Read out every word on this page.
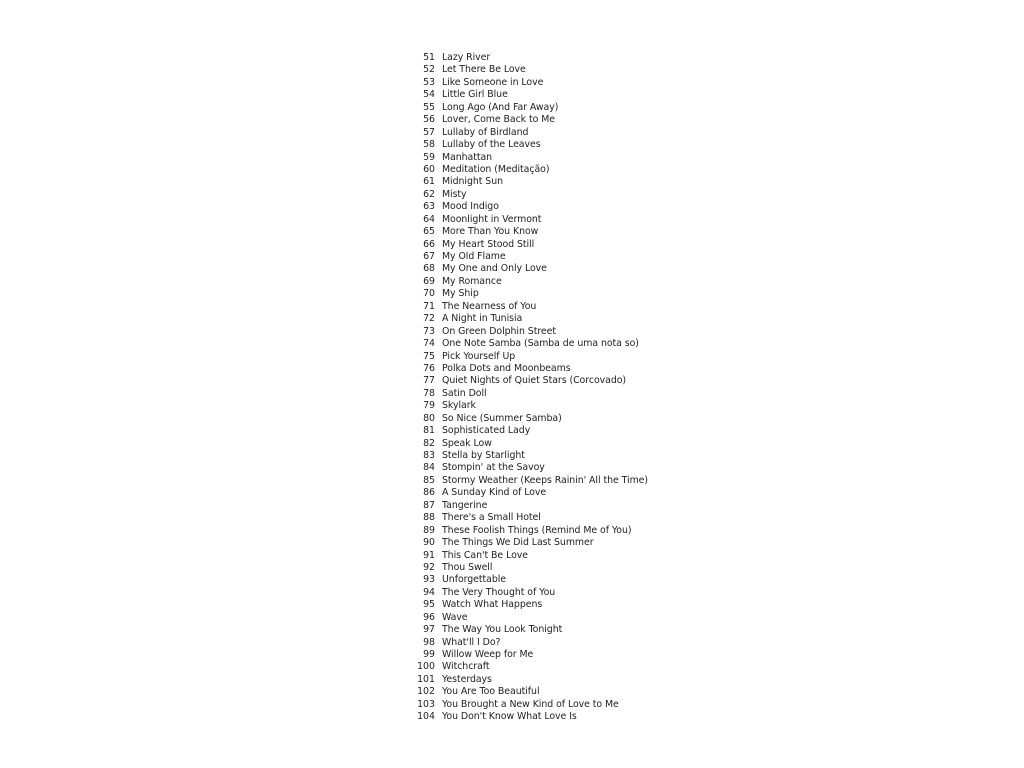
51 Lazy River
52 Let There Be Love
53 Like Someone in Love
54 Little Girl Blue
55 Long Ago (And Far Away)
56 Lover, Come Back to Me
57 Lullaby of Birdland
58 Lullaby of the Leaves
59 Manhattan
60 Meditation (Meditação)
61 Midnight Sun
62 Misty
63 Mood Indigo
64 Moonlight in Vermont
65 More Than You Know
66 My Heart Stood Still
67 My Old Flame
68 My One and Only Love
69 My Romance
70 My Ship
71 The Nearness of You
72 A Night in Tunisia
73 On Green Dolphin Street
74 One Note Samba (Samba de uma nota so)
75 Pick Yourself Up
76 Polka Dots and Moonbeams
77 Quiet Nights of Quiet Stars (Corcovado)
78 Satin Doll
79 Skylark
80 So Nice (Summer Samba)
81 Sophisticated Lady
82 Speak Low
83 Stella by Starlight
84 Stompin' at the Savoy
85 Stormy Weather (Keeps Rainin' All the Time)
86 A Sunday Kind of Love
87 Tangerine
88 There's a Small Hotel
89 These Foolish Things (Remind Me of You)
90 The Things We Did Last Summer
91 This Can't Be Love
92 Thou Swell
93 Unforgettable
94 The Very Thought of You
95 Watch What Happens
96 Wave
97 The Way You Look Tonight
98 What'll I Do?
99 Willow Weep for Me
100 Witchcraft
101 Yesterdays
102 You Are Too Beautiful
103 You Brought a New Kind of Love to Me
104 You Don't Know What Love Is
